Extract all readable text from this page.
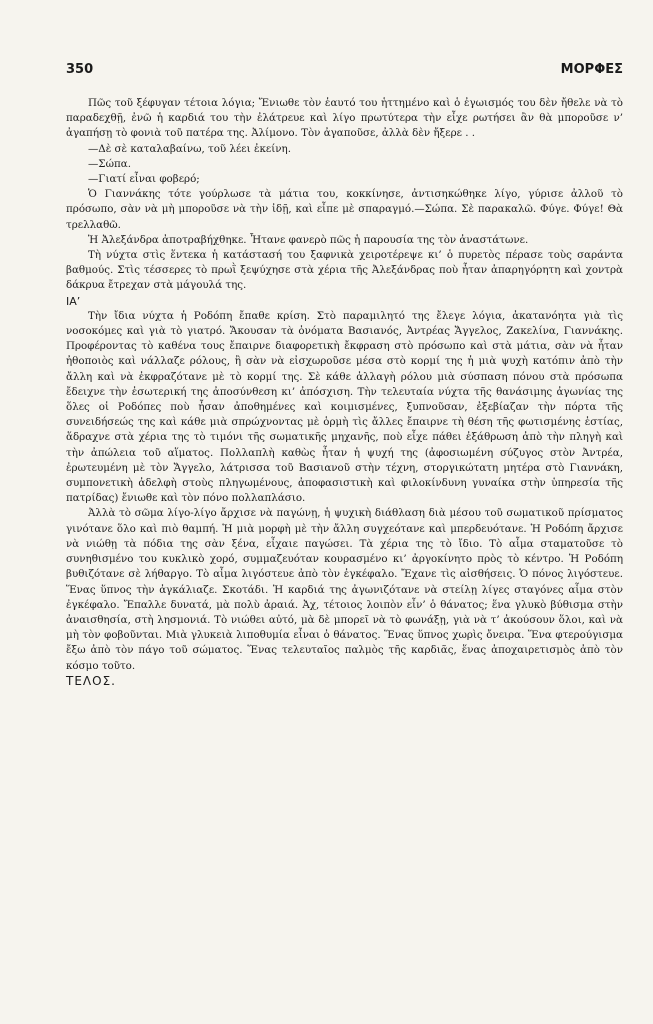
350	ΜΟΡΦΕΣ

Πῶς τοῦ ξέφυγαν τέτοια λόγια; Ἔνιωθε τὸν ἑαυτό του ἡττημένο καὶ ὁ ἐγωισμός του δὲν ἤθελε νὰ τὸ παραδεχθῇ, ἐνῶ ἡ καρδιά του τὴν ἐλάτρευε καὶ λίγο πρωτύτερα τὴν εἶχε ρωτήσει ἂν θὰ μποροῦσε ν’ ἀγαπήσῃ τὸ φονιὰ τοῦ πατέρα της. Ἀλίμονο. Τὸν ἀγαποῦσε, ἀλλὰ δὲν ἤξερε . .

—Δὲ σὲ καταλαβαίνω, τοῦ λέει ἐκείνη.

—Σώπα.

—Γιατί εἶναι φοβερό;

Ὁ Γιαννάκης τότε γούρλωσε τὰ μάτια του, κοκκίνησε, ἀντισηκώθηκε λίγο, γύρισε ἀλλοῦ τὸ πρόσωπο, σὰν νὰ μὴ μποροῦσε νὰ τὴν ἰδῇ, καὶ εἶπε μὲ σπαραγμό.—Σώπα. Σὲ παρακαλῶ. Φύγε. Φύγε! Θὰ τρελλαθῶ.

Ἡ Ἀλεξάνδρα ἀποτραβήχθηκε. Ἦτανε φανερὸ πῶς ἡ παρουσία της τὸν ἀναστάτωνε.

Τὴ νύχτα στὶς ἕντεκα ἡ κατάστασή του ξαφνικὰ χειροτέρεψε κι’ ὁ πυρετὸς πέρασε τοὺς σαράντα βαθμούς. Στὶς τέσσερες τὸ πρωῒ ξεψύχησε στὰ χέρια τῆς Ἀλεξάνδρας ποὺ ἦταν ἀπαρηγόρητη καὶ χοντρὰ δάκρυα ἔτρεχαν στὰ μάγουλά της.

ΙΑ’

Τὴν ἴδια νύχτα ἡ Ροδόπη ἔπαθε κρίση. Στὸ παραμιλητό της ἔλεγε λόγια, ἀκατανόητα γιὰ τὶς νοσοκόμες καὶ γιὰ τὸ γιατρό. Ἄκουσαν τὰ ὀνόματα Βασιανός, Ἀντρέας Ἄγγελος, Ζακελίνα, Γιαννάκης. Προφέροντας τὸ καθένα τους ἔπαιρνε διαφορετικὴ ἔκφραση στὸ πρόσωπο καὶ στὰ μάτια, σὰν νὰ ἦταν ἠθοποιὸς καὶ νάλλαζε ρόλους, ἢ σὰν νὰ εἰσχωροῦσε μέσα στὸ κορμί της ἡ μιὰ ψυχὴ κατόπιν ἀπὸ τὴν ἄλλη καὶ νὰ ἐκφραζότανε μὲ τὸ κορμί της. Σὲ κάθε ἀλλαγὴ ρόλου μιὰ σύσπαση πόνου στὰ πρόσωπα ἔδειχνε τὴν ἐσωτερική της ἀποσύνθεση κι’ ἀπόσχιση. Τὴν τελευταία νύχτα τῆς θανάσιμης ἀγωνίας της ὅλες οἱ Ροδόπες ποὺ ἦσαν ἀποθημένες καὶ κοιμισμένες, ξυπνοῦσαν, ἐξεβίαζαν τὴν πόρτα τῆς συνειδήσεώς της καὶ κάθε μιὰ σπρώχνοντας μὲ ὁρμὴ τὶς ἄλλες ἔπαιρνε τὴ θέση τῆς φωτισμένης ἑστίας, ἅδραχνε στὰ χέρια της τὸ τιμόνι τῆς σωματικῆς μηχανῆς, ποὺ εἶχε πάθει ἐξάθρωση ἀπὸ τὴν πληγὴ καὶ τὴν ἀπώλεια τοῦ αἵματος. Πολλαπλὴ καθὼς ἦταν ἡ ψυχή της (ἀφοσιωμένη σύζυγος στὸν Ἀντρέα, ἐρωτευμένη μὲ τὸν Ἄγγελο, λάτρισσα τοῦ Βασιανοῦ στὴν τέχνη, στοργικώτατη μητέρα στὸ Γιαννάκη, συμπονετικὴ ἀδελφὴ στοὺς πληγωμένους, ἀποφασιστικὴ καὶ φιλοκίνδυνη γυναίκα στὴν ὑπηρεσία τῆς πατρίδας) ἔνιωθε καὶ τὸν πόνο πολλαπλάσιο.

Ἀλλὰ τὸ σῶμα λίγο-λίγο ἄρχισε νὰ παγώνῃ, ἡ ψυχικὴ διάθλαση διὰ μέσου τοῦ σωματικοῦ πρίσματος γινότανε ὅλο καὶ πιὸ θαμπή. Ἡ μιὰ μορφὴ μὲ τὴν ἄλλη συγχεότανε καὶ μπερδευότανε. Ἡ Ροδόπη ἄρχισε νὰ νιώθῃ τὰ πόδια της σὰν ξένα, εἶχαιε παγώσει. Τὰ χέρια της τὸ ἴδιο. Τὸ αἷμα σταματοῦσε τὸ συνηθισμένο του κυκλικὸ χορό, συμμαζευόταν κουρασμένο κι’ ἀργοκίνητο πρὸς τὸ κέντρο. Ἡ Ροδόπη βυθιζότανε σὲ λήθαργο. Τὸ αἷμα λιγόστευε ἀπὸ τὸν ἐγκέφαλο. Ἔχανε τὶς αἰσθήσεις. Ὁ πόνος λιγόστευε. Ἕνας ὕπνος τὴν ἀγκάλιαζε. Σκοτάδι. Ἡ καρδιά της ἀγωνιζότανε νὰ στείλῃ λίγες σταγόνες αἷμα στὸν ἐγκέφαλο. Ἔπαλλε δυνατά, μὰ πολὺ ἀραιά. Ἀχ, τέτοιος λοιπὸν εἶν’ ὁ θάνατος; ἕνα γλυκὸ βύθισμα στὴν ἀναισθησία, στὴ λησμονιά. Τὸ νιώθει αὐτό, μὰ δὲ μπορεῖ νὰ τὸ φωνάξῃ, γιὰ νὰ τ’ ἀκούσουν ὅλοι, καὶ νὰ μὴ τὸν φοβοῦνται. Μιὰ γλυκειὰ λιποθυμία εἶναι ὁ θάνατος. Ἕνας ὕπνος χωρὶς ὄνειρα. Ἕνα φτερούγισμα ἔξω ἀπὸ τὸν πάγο τοῦ σώματος. Ἕνας τελευταῖος παλμὸς τῆς καρδιᾶς, ἕνας ἀποχαιρετισμὸς ἀπὸ τὸν κόσμο τοῦτο.

ΤΕΛΟΣ.
